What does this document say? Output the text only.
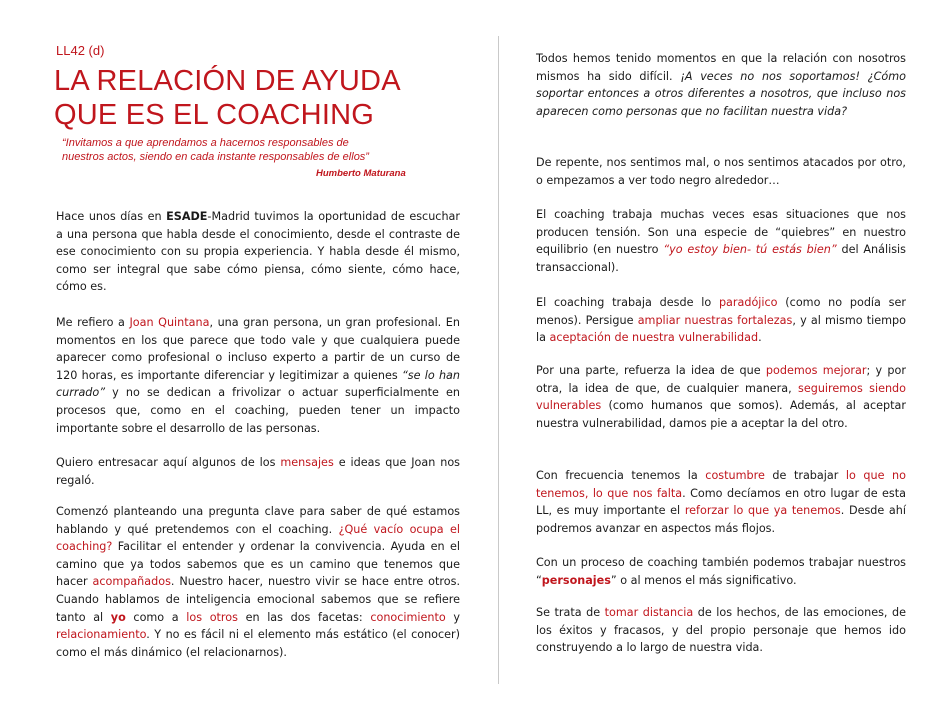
LL42 (d)
LA RELACIÓN DE AYUDA
QUE ES EL COACHING
“Invitamos a que aprendamos a hacernos responsables de
nuestros actos, siendo en cada instante responsables de ellos”
Humberto Maturana

Hace unos días en ESADE-Madrid tuvimos la oportunidad de escuchar a una persona que habla desde el conocimiento, desde el contraste de ese conocimiento con su propia experiencia. Y habla desde él mismo, como ser integral que sabe cómo piensa, cómo siente, cómo hace, cómo es.

Me refiero a Joan Quintana, una gran persona, un gran profesional. En momentos en los que parece que todo vale y que cualquiera puede aparecer como profesional o incluso experto a partir de un curso de 120 horas, es importante diferenciar y legitimizar a quienes “se lo han currado” y no se dedican a frivolizar o actuar superficialmente en procesos que, como en el coaching, pueden tener un impacto importante sobre el desarrollo de las personas.

Quiero entresacar aquí algunos de los mensajes e ideas que Joan nos regaló.

Comenzó planteando una pregunta clave para saber de qué estamos hablando y qué pretendemos con el coaching. ¿Qué vacío ocupa el coaching? Facilitar el entender y ordenar la convivencia. Ayuda en el camino que ya todos sabemos que es un camino que tenemos que hacer acompañados. Nuestro hacer, nuestro vivir se hace entre otros. Cuando hablamos de inteligencia emocional sabemos que se refiere tanto al yo como a los otros en las dos facetas: conocimiento y relacionamiento. Y no es fácil ni el elemento más estático (el conocer) como el más dinámico (el relacionarnos).

Todos hemos tenido momentos en que la relación con nosotros mismos ha sido difícil. ¡A veces no nos soportamos! ¿Cómo soportar entonces a otros diferentes a nosotros, que incluso nos aparecen como personas que no facilitan nuestra vida?

De repente, nos sentimos mal, o nos sentimos atacados por otro, o empezamos a ver todo negro alrededor…

El coaching trabaja muchas veces esas situaciones que nos producen tensión. Son una especie de “quiebres” en nuestro equilibrio (en nuestro “yo estoy bien- tú estás bien” del Análisis transaccional).

El coaching trabaja desde lo paradójico (como no podía ser menos). Persigue ampliar nuestras fortalezas, y al mismo tiempo la aceptación de nuestra vulnerabilidad.

Por una parte, refuerza la idea de que podemos mejorar; y por otra, la idea de que, de cualquier manera, seguiremos siendo vulnerables (como humanos que somos). Además, al aceptar nuestra vulnerabilidad, damos pie a aceptar la del otro.

Con frecuencia tenemos la costumbre de trabajar lo que no tenemos, lo que nos falta. Como decíamos en otro lugar de esta LL, es muy importante el reforzar lo que ya tenemos. Desde ahí podremos avanzar en aspectos más flojos.

Con un proceso de coaching también podemos trabajar nuestros “personajes” o al menos el más significativo.

Se trata de tomar distancia de los hechos, de las emociones, de los éxitos y fracasos, y del propio personaje que hemos ido construyendo a lo largo de nuestra vida.
